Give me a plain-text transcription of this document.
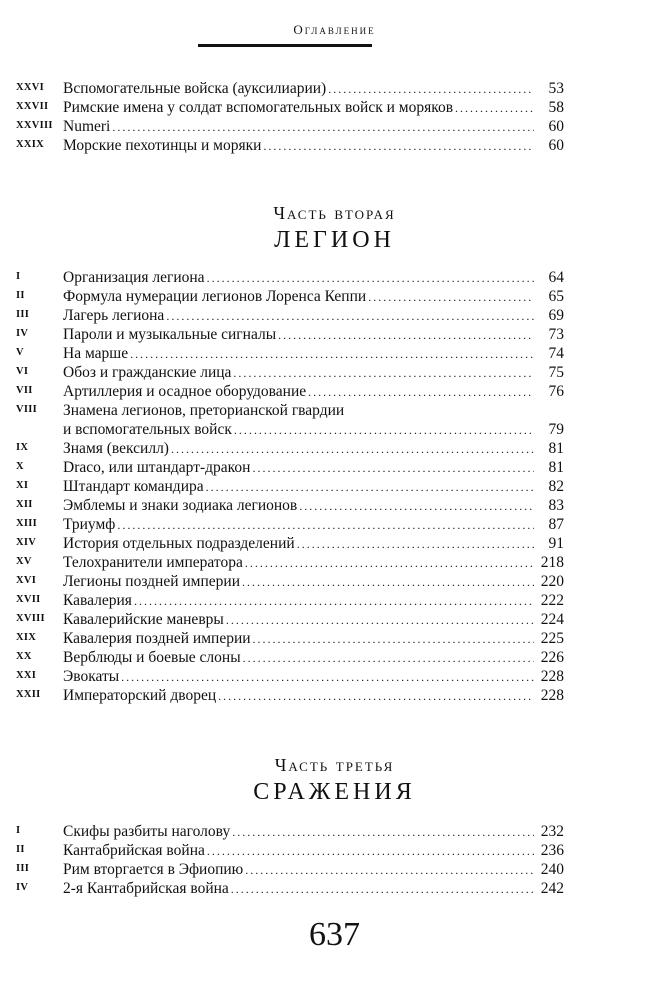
Оглавление
XXVI	Вспомогательные войска (ауксилиарии) .....	53
XXVII Римские имена у солдат вспомогательных войск и моряков .....	58
XXVIII Numeri .....	60
XXIX	Морские пехотинцы и моряки .....	60
Часть вторая
ЛЕГИОН
I	Организация легиона .....	64
II	Формула нумерации легионов Лоренса Кеппи .....	65
III	Лагерь легиона .....	69
IV	Пароли и музыкальные сигналы .....	73
V	На марше .....	74
VI	Обоз и гражданские лица .....	75
VII	Артиллерия и осадное оборудование .....	76
VIII	Знамена легионов, преторианской гвардии
и вспомогательных войск .....	79
IX	Знамя (вексилл) .....	81
X	Draco, или штандарт-дракон .....	81
XI	Штандарт командира .....	82
XII	Эмблемы и знаки зодиака легионов .....	83
XIII	Триумф .....	87
XIV	История отдельных подразделений .....	91
XV	Телохранители императора .....	218
XVI	Легионы поздней империи .....	220
XVII	Кавалерия .....	222
XVIII	Кавалерийские маневры .....	224
XIX	Кавалерия поздней империи .....	225
XX	Верблюды и боевые слоны .....	226
XXI	Эвокаты .....	228
XXII	Императорский дворец .....	228
Часть третья
СРАЖЕНИЯ
I	Скифы разбиты наголову .....	232
II	Кантабрийская война .....	236
III	Рим вторгается в Эфиопию .....	240
IV	2-я Кантабрийская война .....	242
637
